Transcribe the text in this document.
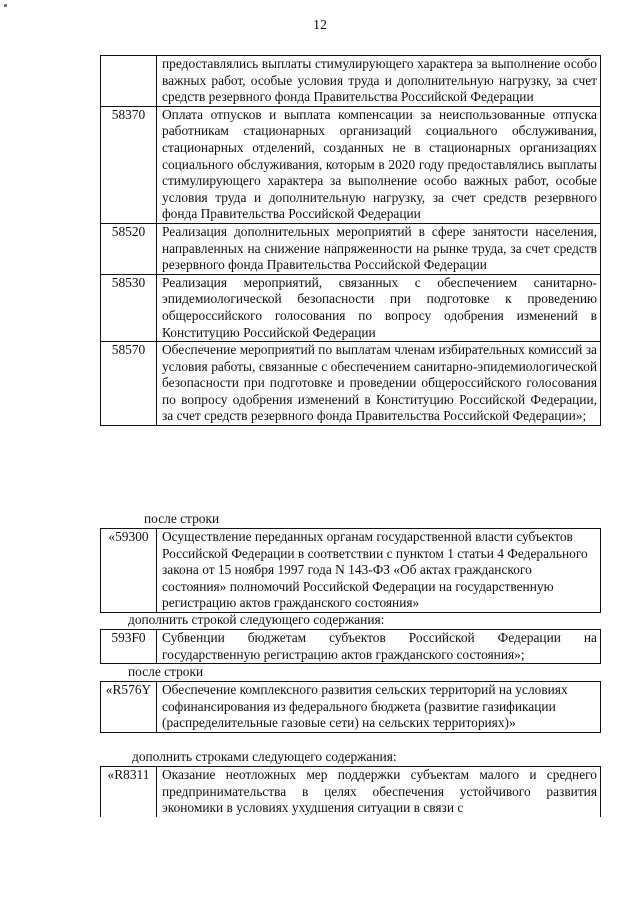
12
	предоставлялись выплаты стимулирующего характера за выполнение особо важных работ, особые условия труда и дополнительную нагрузку, за счет средств резервного фонда Правительства Российской Федерации
58370	Оплата отпусков и выплата компенсации за неиспользованные отпуска работникам стационарных организаций социального обслуживания, стационарных отделений, созданных не в стационарных организациях социального обслуживания, которым в 2020 году предоставлялись выплаты стимулирующего характера за выполнение особо важных работ, особые условия труда и дополнительную нагрузку, за счет средств резервного фонда Правительства Российской Федерации
58520	Реализация дополнительных мероприятий в сфере занятости населения, направленных на снижение напряженности на рынке труда, за счет средств резервного фонда Правительства Российской Федерации
58530	Реализация мероприятий, связанных с обеспечением санитарно-эпидемиологической безопасности при подготовке к проведению общероссийского голосования по вопросу одобрения изменений в Конституцию Российской Федерации
58570	Обеспечение мероприятий по выплатам членам избирательных комиссий за условия работы, связанные с обеспечением санитарно-эпидемиологической безопасности при подготовке и проведении общероссийского голосования по вопросу одобрения изменений в Конституцию Российской Федерации, за счет средств резервного фонда Правительства Российской Федерации»;
после строки
«59300	Осуществление переданных органам государственной власти субъектов Российской Федерации в соответствии с пунктом 1 статьи 4 Федерального закона от 15 ноября 1997 года N 143-ФЗ «Об актах гражданского состояния» полномочий Российской Федерации на государственную регистрацию актов гражданского состояния»
дополнить строкой следующего содержания:
593F0	Субвенции бюджетам субъектов Российской Федерации на государственную регистрацию актов гражданского состояния»;
после строки
«R576Y	Обеспечение комплексного развития сельских территорий на условиях софинансирования из федерального бюджета (развитие газификации (распределительные газовые сети) на сельских территориях)»
дополнить строками следующего содержания:
«R8311	Оказание неотложных мер поддержки субъектам малого и среднего предпринимательства в целях обеспечения устойчивого развития экономики в условиях ухудшения ситуации в связи с
